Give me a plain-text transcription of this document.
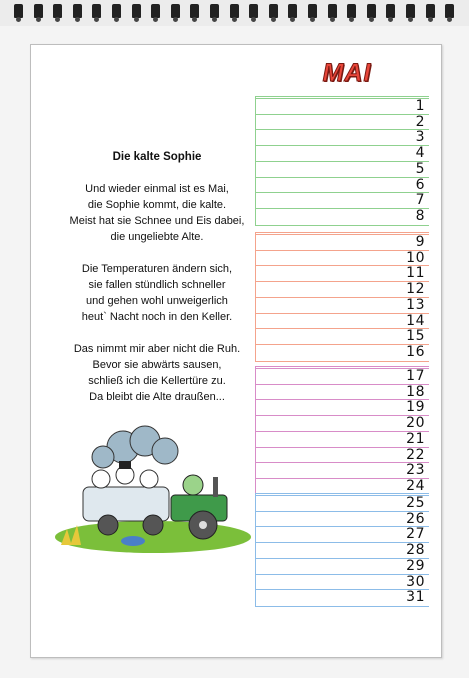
MAI
Die kalte Sophie
Und wieder einmal ist es Mai,
die Sophie kommt, die kalte.
Meist hat sie Schnee und Eis dabei,
die ungeliebte Alte.
Die Temperaturen ändern sich,
sie fallen stündlich schneller
und gehen wohl unweigerlich
heut` Nacht noch in den Keller.
Das nimmt mir aber nicht die Ruh.
Bevor sie abwärts sausen,
schließ ich die Kellertüre zu.
Da bleibt die Alte draußen...
1
2
3
4
5
6
7
8
9
10
11
12
13
14
15
16
17
18
19
20
21
22
23
24
25
26
27
28
29
30
31
